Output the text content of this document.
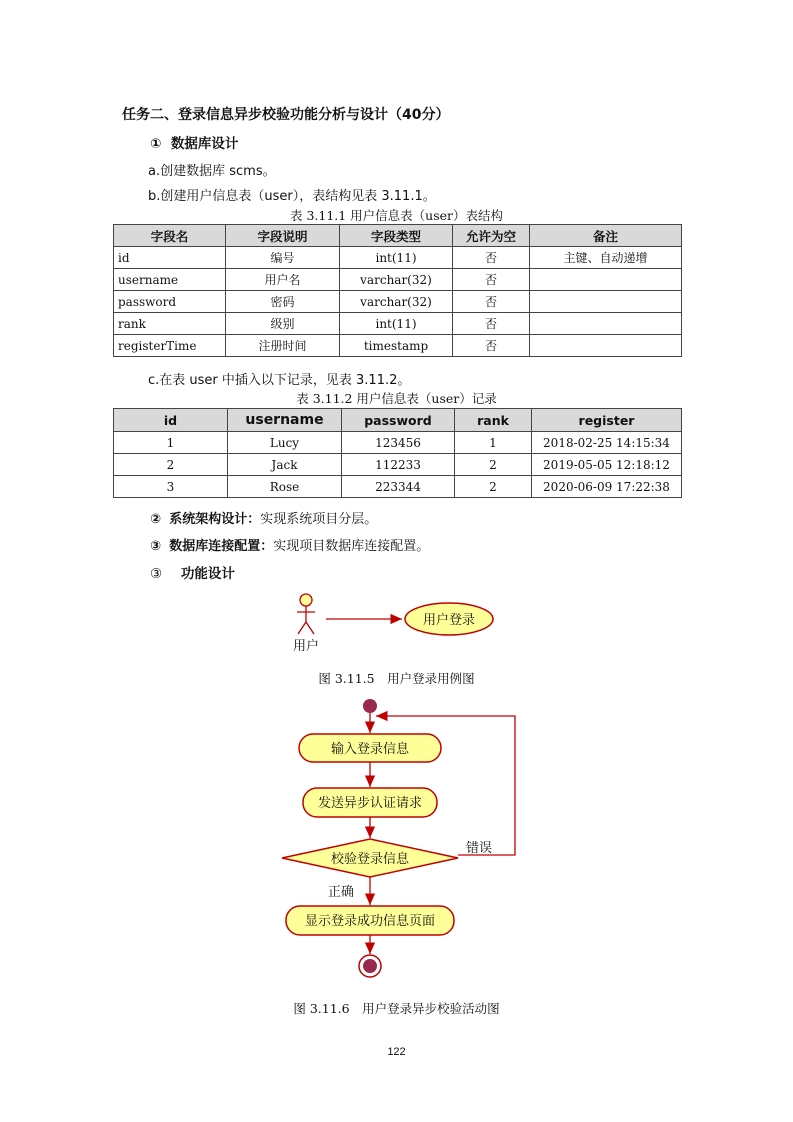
任务二、登录信息异步校验功能分析与设计（40分）
① 数据库设计
a.创建数据库 scms。
b.创建用户信息表（user），表结构见表 3.11.1。
表 3.11.1 用户信息表（user）表结构
字段名	字段说明	字段类型	允许为空	备注
id	编号	int(11)	否	主键、自动递增
username	用户名	varchar(32)	否	
password	密码	varchar(32)	否	
rank	级别	int(11)	否	
registerTime	注册时间	timestamp	否	
c.在表 user 中插入以下记录，见表 3.11.2。
表 3.11.2 用户信息表（user）记录
id	username	password	rank	register
1	Lucy	123456	1	2018-02-25 14:15:34
2	Jack	112233	2	2019-05-05 12:18:12
3	Rose	223344	2	2020-06-09 17:22:38
② 系统架构设计：实现系统项目分层。
③ 数据库连接配置：实现项目数据库连接配置。
③ 功能设计
用户
用户登录
图 3.11.5　用户登录用例图
输入登录信息
发送异步认证请求
校验登录信息
错误
正确
显示登录成功信息页面
图 3.11.6　用户登录异步校验活动图
122
